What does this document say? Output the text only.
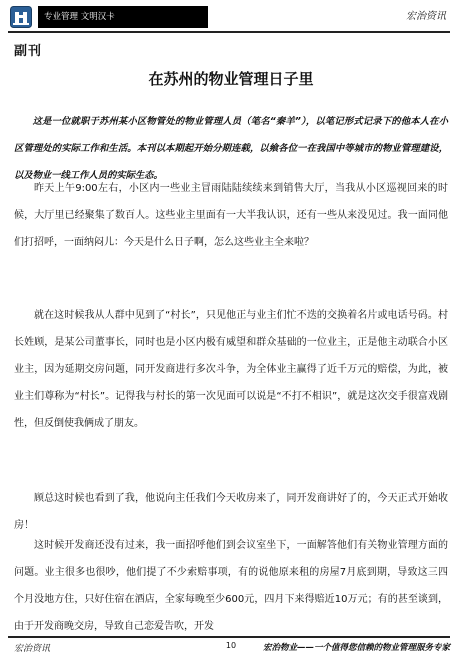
专业管理 文明汉卡	宏治资讯
副刊
在苏州的物业管理日子里
这是一位就职于苏州某小区物管处的物业管理人员（笔名“秦羊”），以笔记形式记录下的他本人在小区管理处的实际工作和生活。本刊以本期起开始分期连载，以飨各位一在我国中等城市的物业管理建设，以及物业一线工作人员的实际生态。
昨天上午9:00左右，小区内一些业主冒雨陆陆续续来到销售大厅，当我从小区巡视回来的时候，大厅里已经聚集了数百人。这些业主里面有一大半我认识，还有一些从来没见过。我一面同他们打招呼，一面纳闷儿：今天是什么日子啊，怎么这些业主全来啦？
就在这时候我从人群中见到了“村长”，只见他正与业主们忙不迭的交换着名片或电话号码。村长姓顾，是某公司董事长，同时也是小区内极有威望和群众基础的一位业主，正是他主动联合小区业主，因为延期交房问题，同开发商进行多次斗争，为全体业主赢得了近千万元的赔偿，为此，被业主们尊称为“村长”。记得我与村长的第一次见面可以说是“不打不相识”，就是这次交手很富戏剧性，但反倒使我俩成了朋友。
顾总这时候也看到了我，他说向主任我们今天收房来了，同开发商讲好了的，今天正式开始收房！
这时候开发商还没有过来，我一面招呼他们到会议室坐下，一面解答他们有关物业管理方面的问题。业主很多也很吵，他们提了不少索赔事项，有的说他原来租的房屋7月底到期，导致这三四个月没地方住，只好住宿在酒店，全家每晚至少600元，四月下来得赔近10万元；有的甚至谈到，由于开发商晚交房，导致自己恋爱告吹，开发
宏治资讯	10	宏治物业——一个值得您信赖的物业管理服务专家
